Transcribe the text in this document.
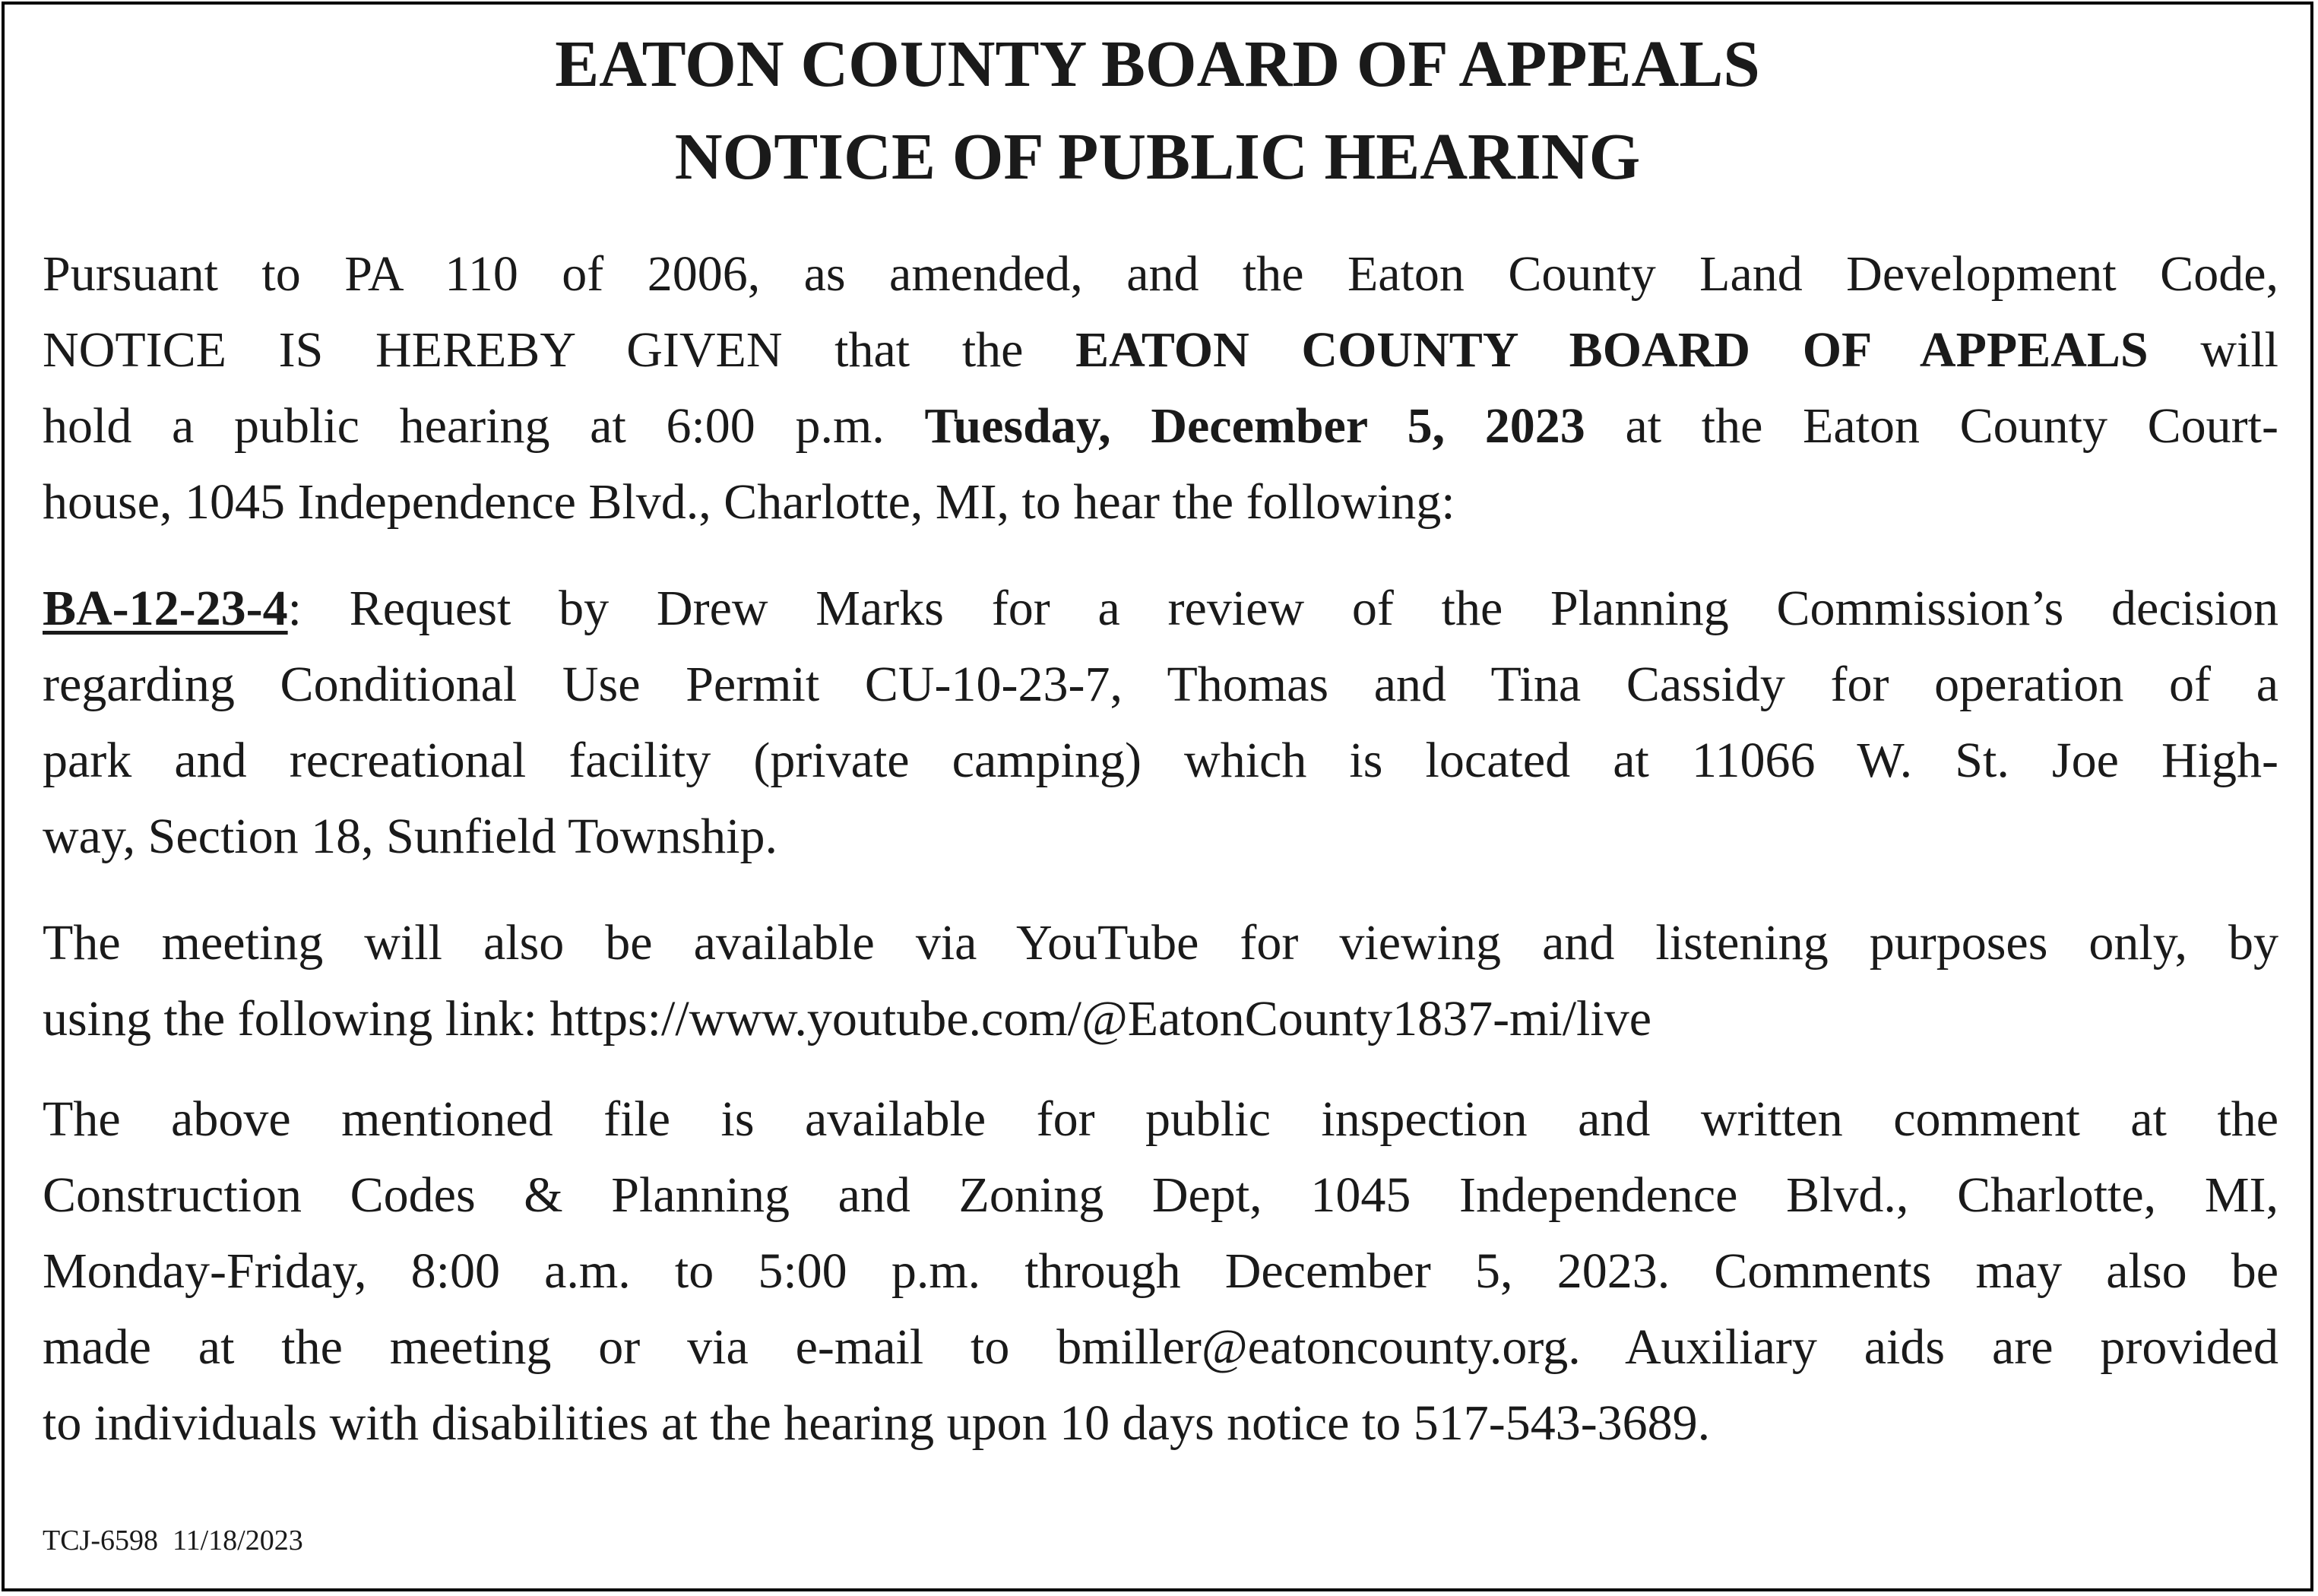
EATON COUNTY BOARD OF APPEALS
NOTICE OF PUBLIC HEARING
Pursuant to PA 110 of 2006, as amended, and the Eaton County Land Development Code,
NOTICE IS HEREBY GIVEN that the EATON COUNTY BOARD OF APPEALS will
hold a public hearing at 6:00 p.m. Tuesday, December 5, 2023 at the Eaton County Court-
house, 1045 Independence Blvd., Charlotte, MI, to hear the following:
BA-12-23-4: Request by Drew Marks for a review of the Planning Commission’s decision
regarding Conditional Use Permit CU-10-23-7, Thomas and Tina Cassidy for operation of a
park and recreational facility (private camping) which is located at 11066 W. St. Joe High-
way, Section 18, Sunfield Township.
The meeting will also be available via YouTube for viewing and listening purposes only, by
using the following link: https://www.youtube.com/@EatonCounty1837-mi/live
The above mentioned file is available for public inspection and written comment at the
Construction Codes & Planning and Zoning Dept, 1045 Independence Blvd., Charlotte, MI,
Monday-Friday, 8:00 a.m. to 5:00 p.m. through December 5, 2023. Comments may also be
made at the meeting or via e-mail to bmiller@eatoncounty.org. Auxiliary aids are provided
to individuals with disabilities at the hearing upon 10 days notice to 517-543-3689.
TCJ-6598  11/18/2023
